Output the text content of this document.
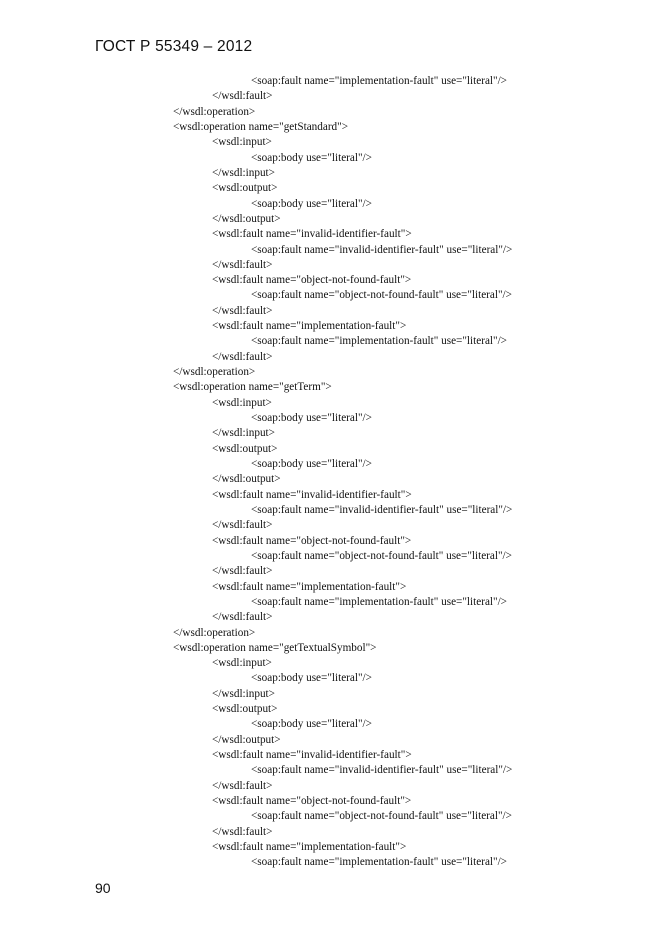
ГОСТ Р 55349 – 2012
<soap:fault name="implementation-fault" use="literal"/>
</wsdl:fault>
</wsdl:operation>
<wsdl:operation name="getStandard">
<wsdl:input>
<soap:body use="literal"/>
</wsdl:input>
<wsdl:output>
<soap:body use="literal"/>
</wsdl:output>
<wsdl:fault name="invalid-identifier-fault">
<soap:fault name="invalid-identifier-fault" use="literal"/>
</wsdl:fault>
<wsdl:fault name="object-not-found-fault">
<soap:fault name="object-not-found-fault" use="literal"/>
</wsdl:fault>
<wsdl:fault name="implementation-fault">
<soap:fault name="implementation-fault" use="literal"/>
</wsdl:fault>
</wsdl:operation>
<wsdl:operation name="getTerm">
<wsdl:input>
<soap:body use="literal"/>
</wsdl:input>
<wsdl:output>
<soap:body use="literal"/>
</wsdl:output>
<wsdl:fault name="invalid-identifier-fault">
<soap:fault name="invalid-identifier-fault" use="literal"/>
</wsdl:fault>
<wsdl:fault name="object-not-found-fault">
<soap:fault name="object-not-found-fault" use="literal"/>
</wsdl:fault>
<wsdl:fault name="implementation-fault">
<soap:fault name="implementation-fault" use="literal"/>
</wsdl:fault>
</wsdl:operation>
<wsdl:operation name="getTextualSymbol">
<wsdl:input>
<soap:body use="literal"/>
</wsdl:input>
<wsdl:output>
<soap:body use="literal"/>
</wsdl:output>
<wsdl:fault name="invalid-identifier-fault">
<soap:fault name="invalid-identifier-fault" use="literal"/>
</wsdl:fault>
<wsdl:fault name="object-not-found-fault">
<soap:fault name="object-not-found-fault" use="literal"/>
</wsdl:fault>
<wsdl:fault name="implementation-fault">
<soap:fault name="implementation-fault" use="literal"/>
90
